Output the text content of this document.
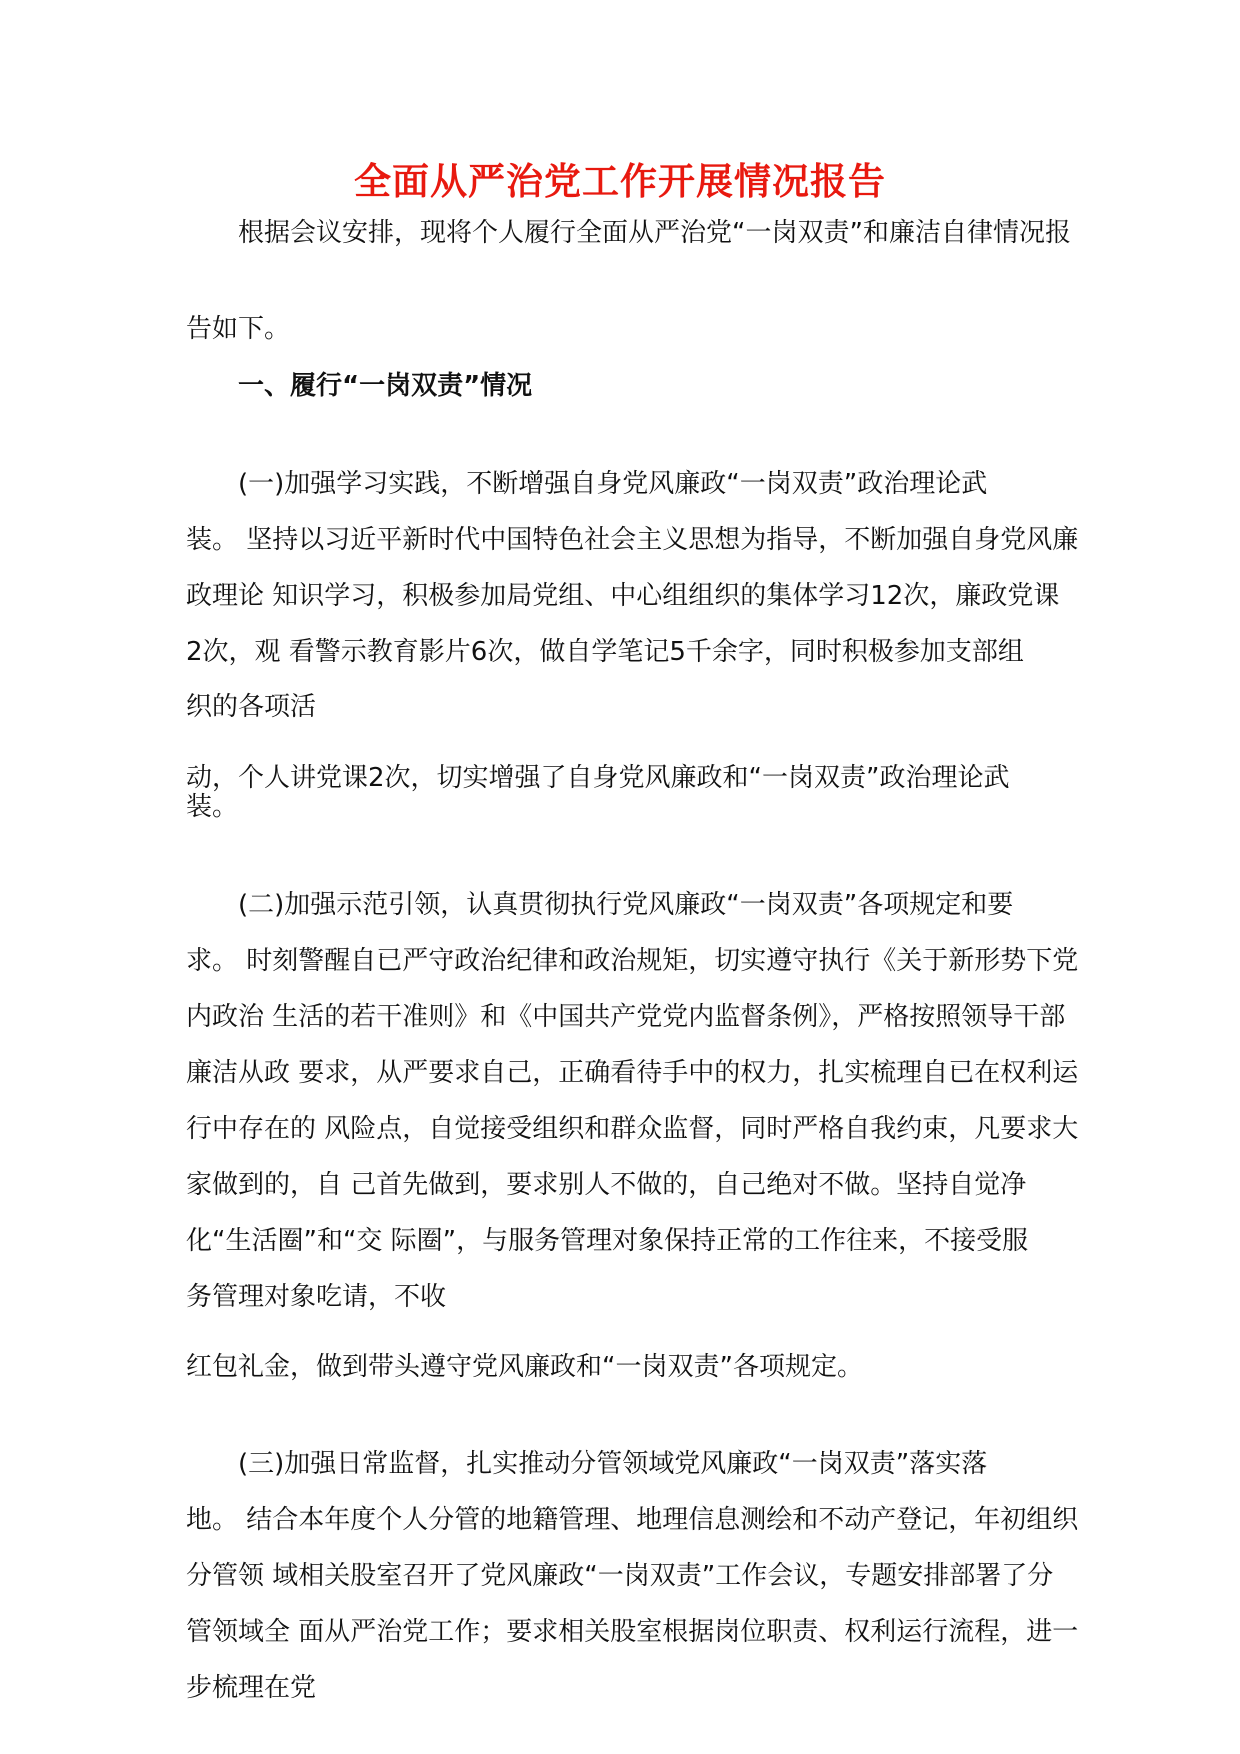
全面从严治党工作开展情况报告
根据会议安排，现将个人履行全面从严治党“一岗双责”和廉洁自律情况报
告如下。
一、履行“一岗双责”情况
(一)加强学习实践，不断增强自身党风廉政“一岗双责”政治理论武
装。 坚持以习近平新时代中国特色社会主义思想为指导，不断加强自身党风廉
政理论 知识学习，积极参加局党组、中心组组织的集体学习12次，廉政党课
2次，观 看警示教育影片6次，做自学笔记5千余字，同时积极参加支部组
织的各项活
动，个人讲党课2次，切实增强了自身党风廉政和“一岗双责”政治理论武
装。
(二)加强示范引领，认真贯彻执行党风廉政“一岗双责”各项规定和要
求。 时刻警醒自已严守政治纪律和政治规矩，切实遵守执行《关于新形势下党
内政治 生活的若干准则》和《中国共产党党内监督条例》，严格按照领导干部
廉洁从政 要求，从严要求自己，正确看待手中的权力，扎实梳理自已在权利运
行中存在的 风险点，自觉接受组织和群众监督，同时严格自我约束，凡要求大
家做到的，自 己首先做到，要求别人不做的，自己绝对不做。坚持自觉净
化“生活圈”和“交 际圈”，与服务管理对象保持正常的工作往来，不接受服
务管理对象吃请，不收
红包礼金，做到带头遵守党风廉政和“一岗双责”各项规定。
(三)加强日常监督，扎实推动分管领域党风廉政“一岗双责”落实落
地。 结合本年度个人分管的地籍管理、地理信息测绘和不动产登记，年初组织
分管领 域相关股室召开了党风廉政“一岗双责”工作会议，专题安排部署了分
管领域全 面从严治党工作；要求相关股室根据岗位职责、权利运行流程，进一
步梳理在党
